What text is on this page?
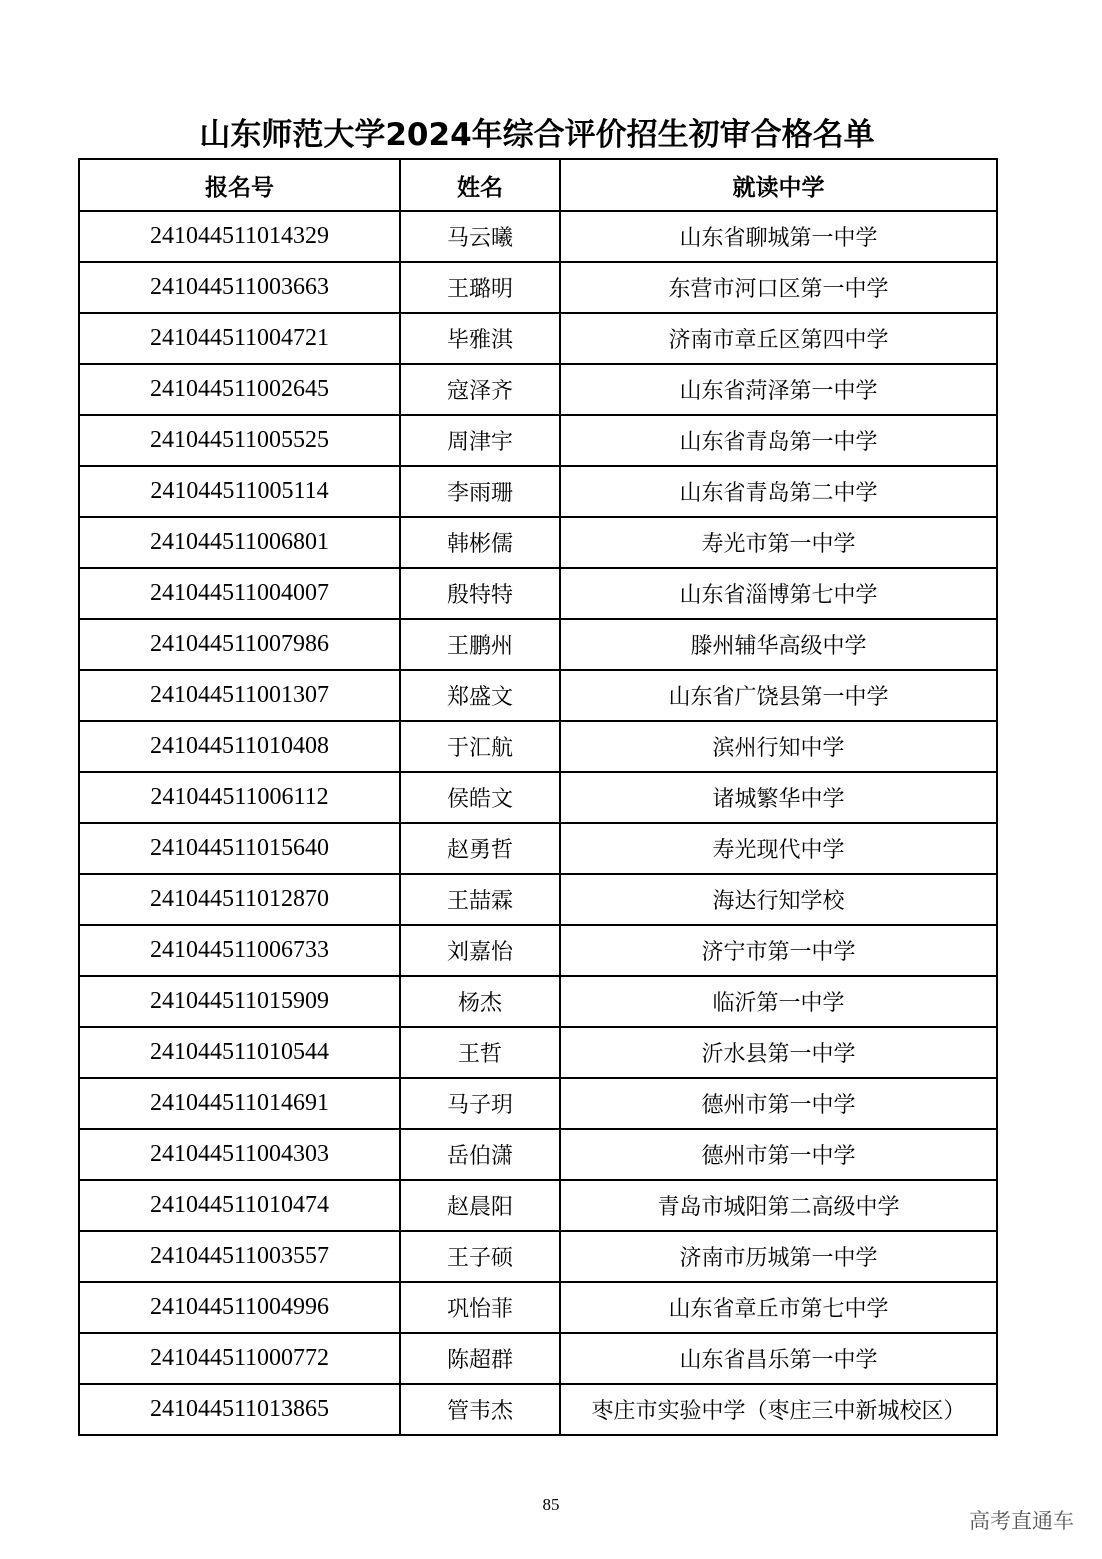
山东师范大学2024年综合评价招生初审合格名单
报名号	姓名	就读中学
241044511014329	马云曦	山东省聊城第一中学
241044511003663	王璐明	东营市河口区第一中学
241044511004721	毕雅淇	济南市章丘区第四中学
241044511002645	寇泽齐	山东省菏泽第一中学
241044511005525	周津宇	山东省青岛第一中学
241044511005114	李雨珊	山东省青岛第二中学
241044511006801	韩彬儒	寿光市第一中学
241044511004007	殷特特	山东省淄博第七中学
241044511007986	王鹏州	滕州辅华高级中学
241044511001307	郑盛文	山东省广饶县第一中学
241044511010408	于汇航	滨州行知中学
241044511006112	侯皓文	诸城繁华中学
241044511015640	赵勇哲	寿光现代中学
241044511012870	王喆霖	海达行知学校
241044511006733	刘嘉怡	济宁市第一中学
241044511015909	杨杰	临沂第一中学
241044511010544	王哲	沂水县第一中学
241044511014691	马子玥	德州市第一中学
241044511004303	岳伯潇	德州市第一中学
241044511010474	赵晨阳	青岛市城阳第二高级中学
241044511003557	王子硕	济南市历城第一中学
241044511004996	巩怡菲	山东省章丘市第七中学
241044511000772	陈超群	山东省昌乐第一中学
241044511013865	管韦杰	枣庄市实验中学（枣庄三中新城校区）
85
高考直通车
